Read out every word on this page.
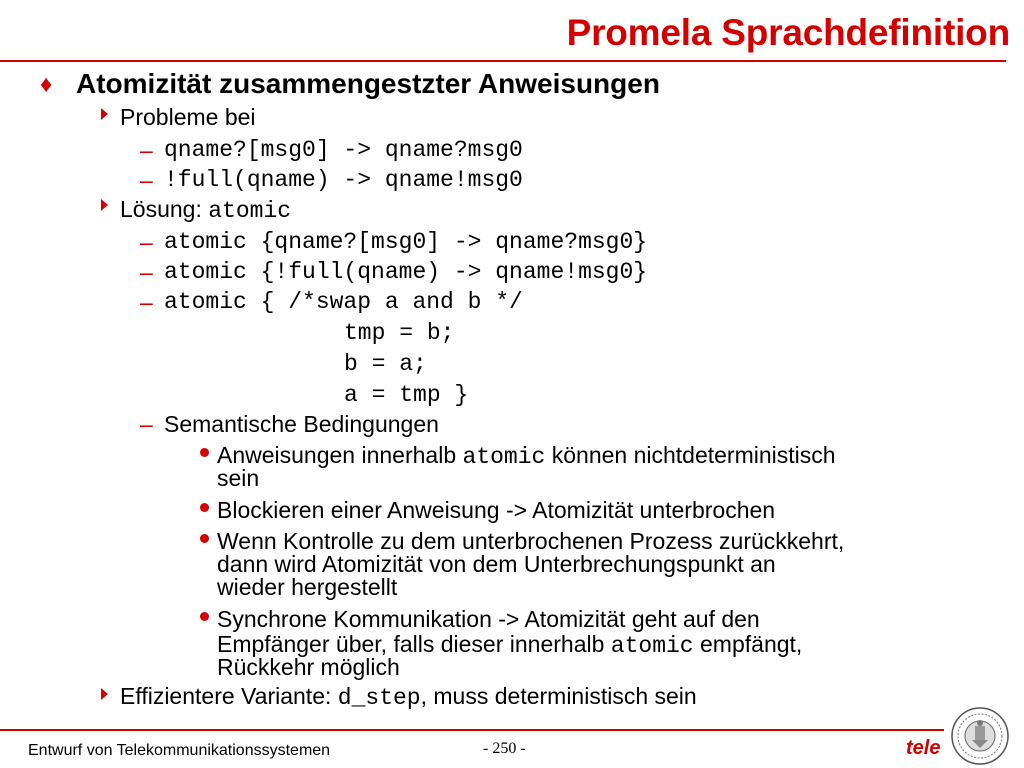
Promela Sprachdefinition
♦ Atomizität zusammengestzter Anweisungen
Probleme bei
– qname?[msg0] -> qname?msg0
– !full(qname) -> qname!msg0
Lösung: atomic
– atomic {qname?[msg0] -> qname?msg0}
– atomic {!full(qname) -> qname!msg0}
– atomic { /*swap a and b */
tmp = b;
b = a;
a = tmp }
– Semantische Bedingungen
Anweisungen innerhalb atomic können nichtdeterministisch
sein
Blockieren einer Anweisung -> Atomizität unterbrochen
Wenn Kontrolle zu dem unterbrochenen Prozess zurückkehrt,
dann wird Atomizität von dem Unterbrechungspunkt an
wieder hergestellt
Synchrone Kommunikation -> Atomizität geht auf den
Empfänger über, falls dieser innerhalb atomic empfängt,
Rückkehr möglich
Effizientere Variante: d_step, muss deterministisch sein
Entwurf von Telekommunikationssystemen	- 250 -	tele
